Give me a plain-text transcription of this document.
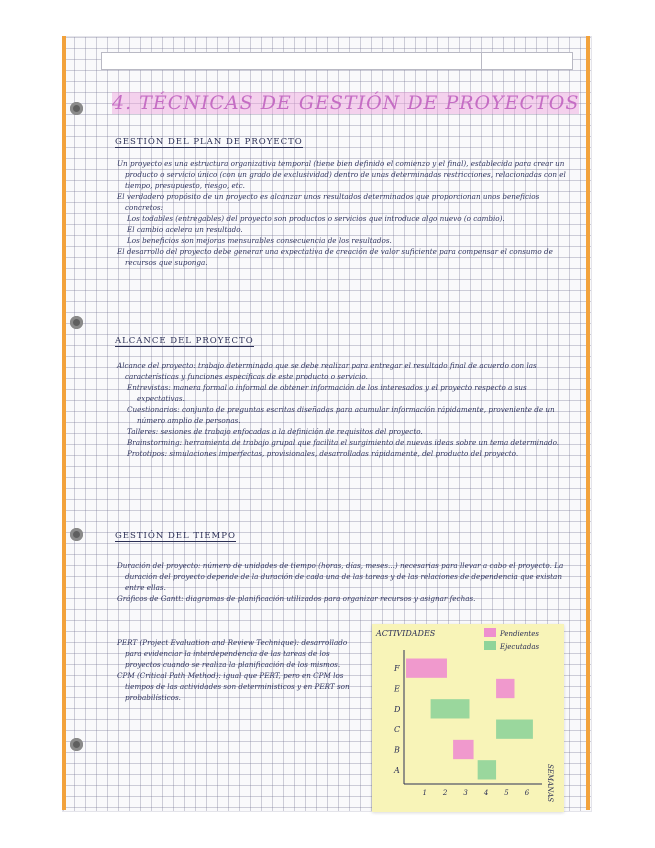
4. TÉCNICAS DE GESTIÓN DE PROYECTOS
GESTIÓN DEL PLAN DE PROYECTO

Un proyecto es una estructura organizativa temporal (tiene bien definido el comienzo y el final), establecida para crear un producto o servicio único (con un grado de exclusividad) dentro de unas determinadas restricciones, relacionadas con el tiempo, presupuesto, riesgo, etc.

El verdadero propósito de un proyecto es alcanzar unos resultados determinados que proporcionan unos beneficios concretos:

Los todables (entregables) del proyecto son productos o servicios que introduce algo nuevo (o cambio).

El cambio acelera un resultado.

Los beneficios son mejoras mensurables consecuencia de los resultados.

El desarrollo del proyecto debe generar una expectativa de creación de valor suficiente para compensar el consumo de recursos que suponga.

ALCANCE DEL PROYECTO

Alcance del proyecto: trabajo determinado que se debe realizar para entregar el resultado final de acuerdo con las características y funciones específicas de este producto o servicio.

Entrevistas: manera formal o informal de obtener información de los interesados y el proyecto respecto a sus expectativas.

Cuestionarios: conjunto de preguntas escritas diseñadas para acumular información rápidamente, proveniente de un número amplio de personas.

Talleres: sesiones de trabajo enfocadas a la definición de requisitos del proyecto.

Brainstorming: herramienta de trabajo grupal que facilita el surgimiento de nuevas ideas sobre un tema determinado.

Prototipos: simulaciones imperfectas, provisionales, desarrolladas rápidamente, del producto del proyecto.

GESTIÓN DEL TIEMPO

Duración del proyecto: número de unidades de tiempo (horas, días, meses...) necesarias para llevar a cabo el proyecto. La duración del proyecto depende de la duración de cada una de las tareas y de las relaciones de dependencia que existan entre ellas.

Gráficos de Gantt: diagramas de planificación utilizados para organizar recursos y asignar fechas.

PERT (Project Evaluation and Review Technique): desarrollado para evidenciar la interdependencia de las tareas de los proyectos cuando se realiza la planificación de los mismos.

CPM (Critical Path Method): igual que PERT, pero en CPM los tiempos de las actividades son deterministicos y en PERT son probabilísticos.

ACTIVIDADES	Pendientes
Ejecutadas
A
B
C
D
E
F
1 2 3 4 5 6 SEMANAS
